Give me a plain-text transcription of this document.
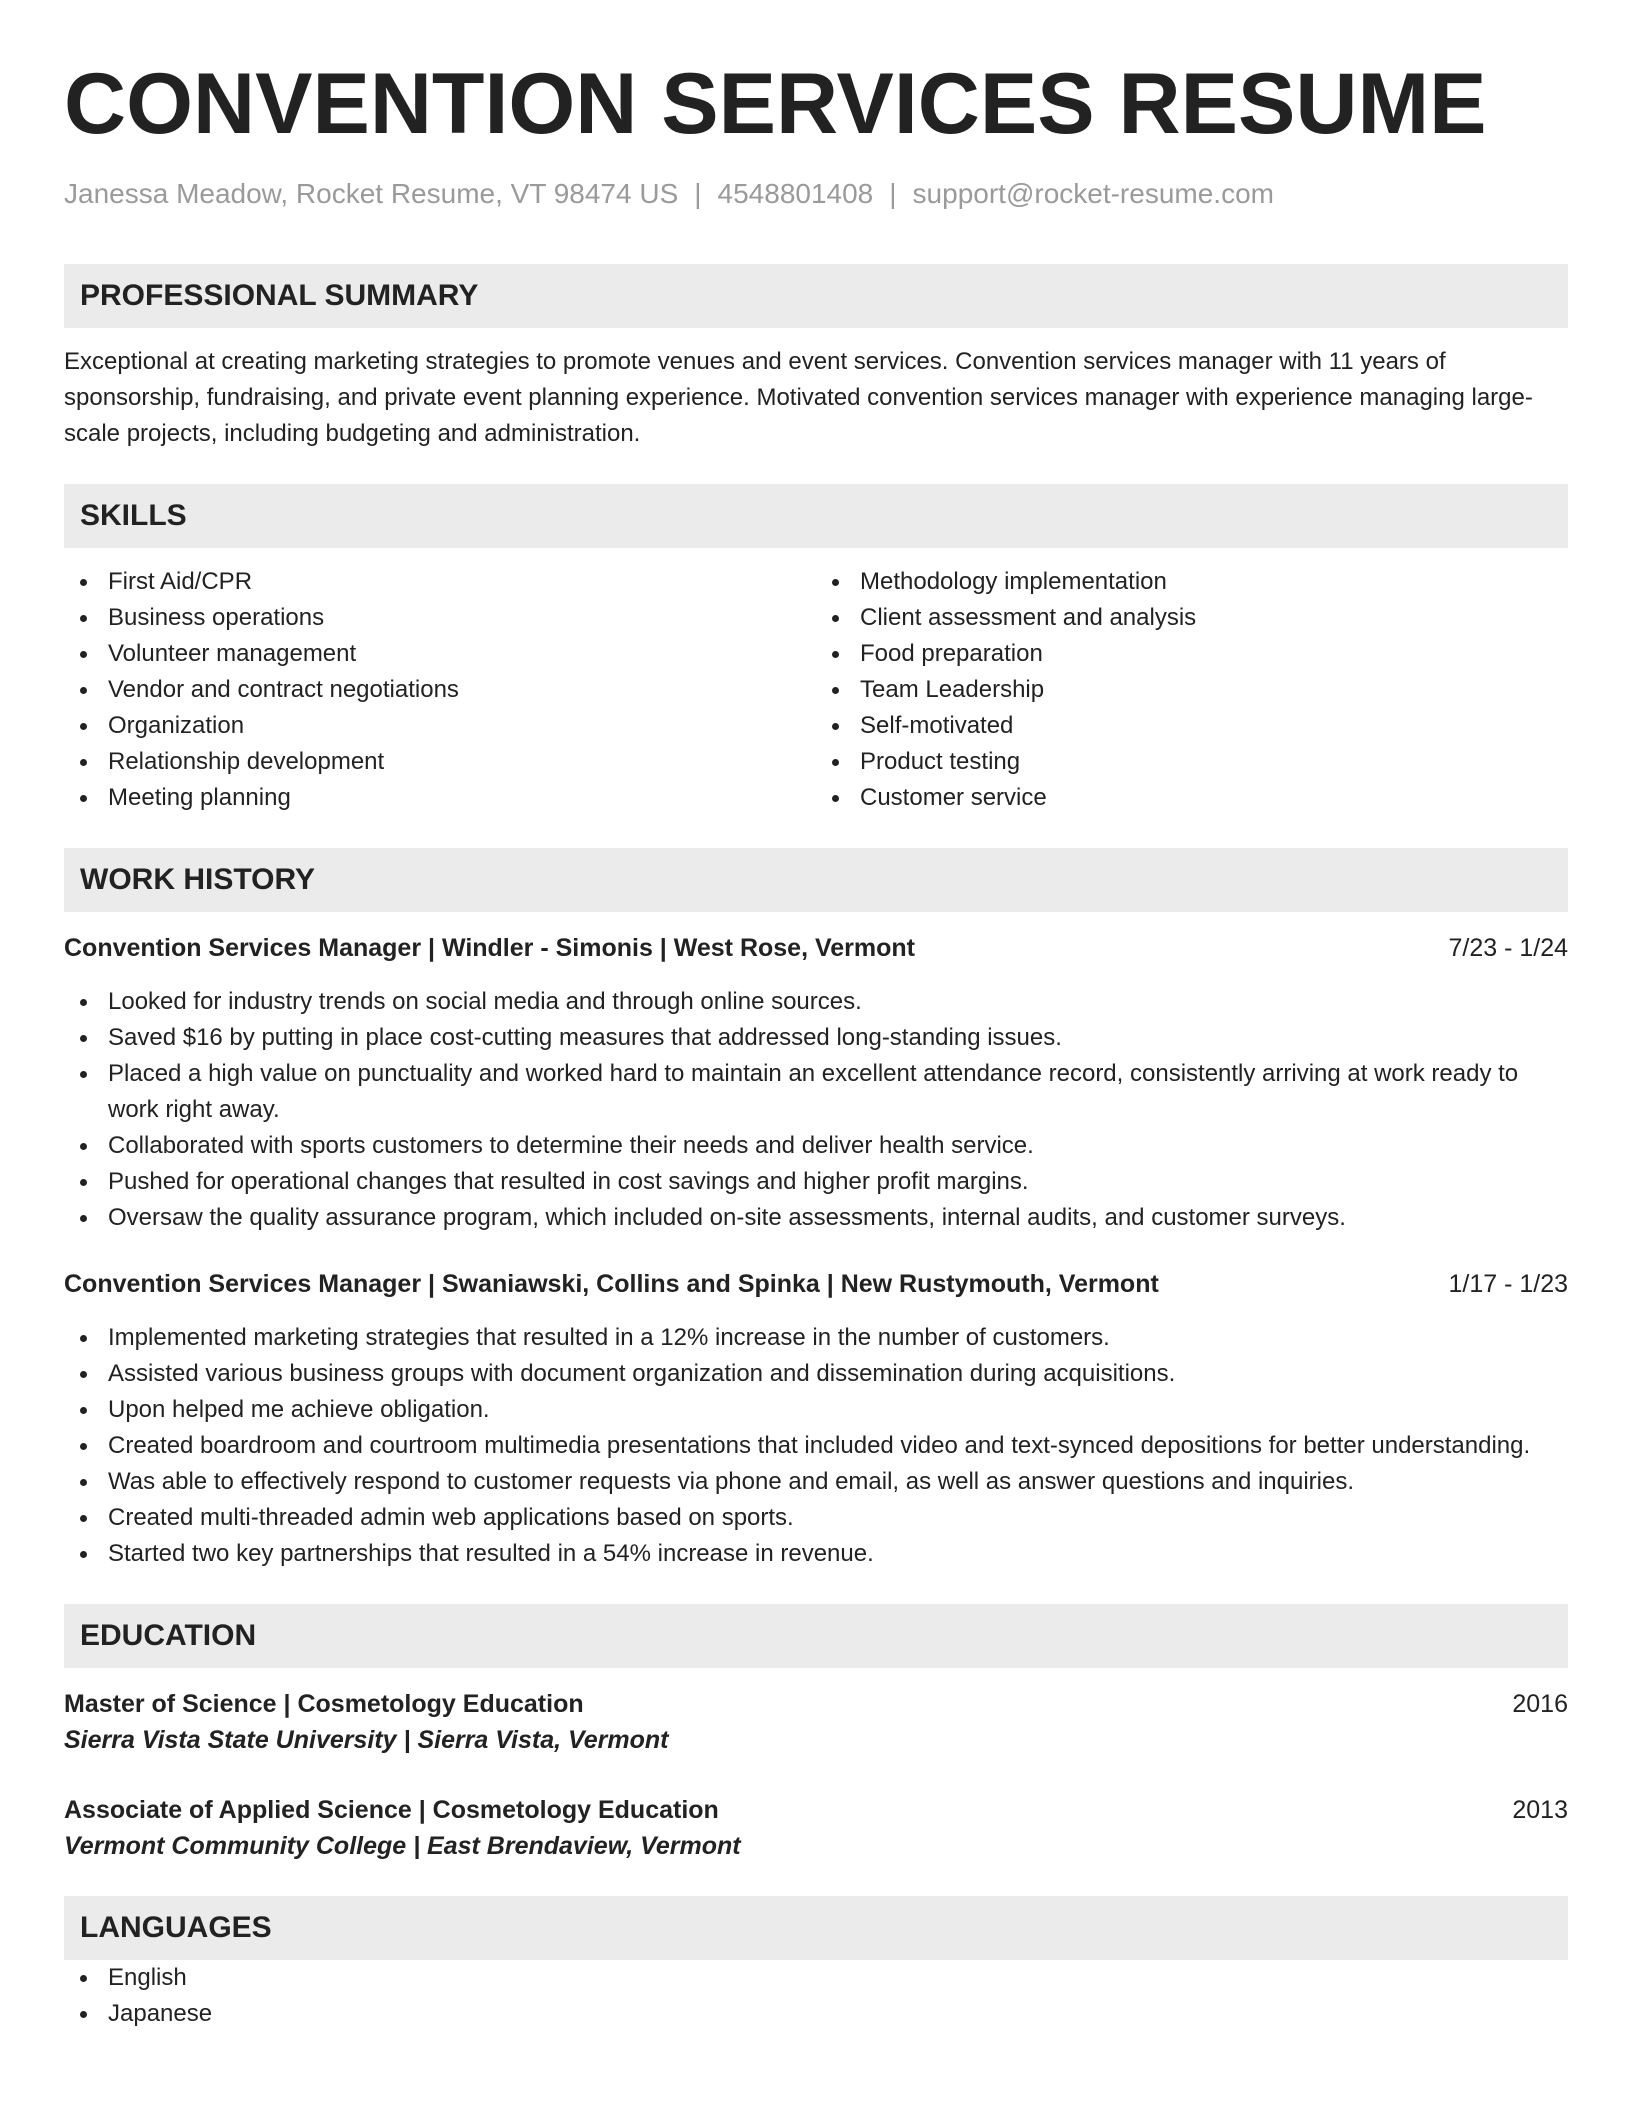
CONVENTION SERVICES RESUME
Janessa Meadow, Rocket Resume, VT 98474 US | 4548801408 | support@rocket-resume.com
PROFESSIONAL SUMMARY
Exceptional at creating marketing strategies to promote venues and event services. Convention services manager with 11 years of sponsorship, fundraising, and private event planning experience. Motivated convention services manager with experience managing large-scale projects, including budgeting and administration.
SKILLS
First Aid/CPR
Business operations
Volunteer management
Vendor and contract negotiations
Organization
Relationship development
Meeting planning
Methodology implementation
Client assessment and analysis
Food preparation
Team Leadership
Self-motivated
Product testing
Customer service
WORK HISTORY
Convention Services Manager | Windler - Simonis | West Rose, Vermont	7/23 - 1/24
Looked for industry trends on social media and through online sources.
Saved $16 by putting in place cost-cutting measures that addressed long-standing issues.
Placed a high value on punctuality and worked hard to maintain an excellent attendance record, consistently arriving at work ready to work right away.
Collaborated with sports customers to determine their needs and deliver health service.
Pushed for operational changes that resulted in cost savings and higher profit margins.
Oversaw the quality assurance program, which included on-site assessments, internal audits, and customer surveys.
Convention Services Manager | Swaniawski, Collins and Spinka | New Rustymouth, Vermont	1/17 - 1/23
Implemented marketing strategies that resulted in a 12% increase in the number of customers.
Assisted various business groups with document organization and dissemination during acquisitions.
Upon helped me achieve obligation.
Created boardroom and courtroom multimedia presentations that included video and text-synced depositions for better understanding.
Was able to effectively respond to customer requests via phone and email, as well as answer questions and inquiries.
Created multi-threaded admin web applications based on sports.
Started two key partnerships that resulted in a 54% increase in revenue.
EDUCATION
Master of Science | Cosmetology Education	2016
Sierra Vista State University | Sierra Vista, Vermont
Associate of Applied Science | Cosmetology Education	2013
Vermont Community College | East Brendaview, Vermont
LANGUAGES
English
Japanese
